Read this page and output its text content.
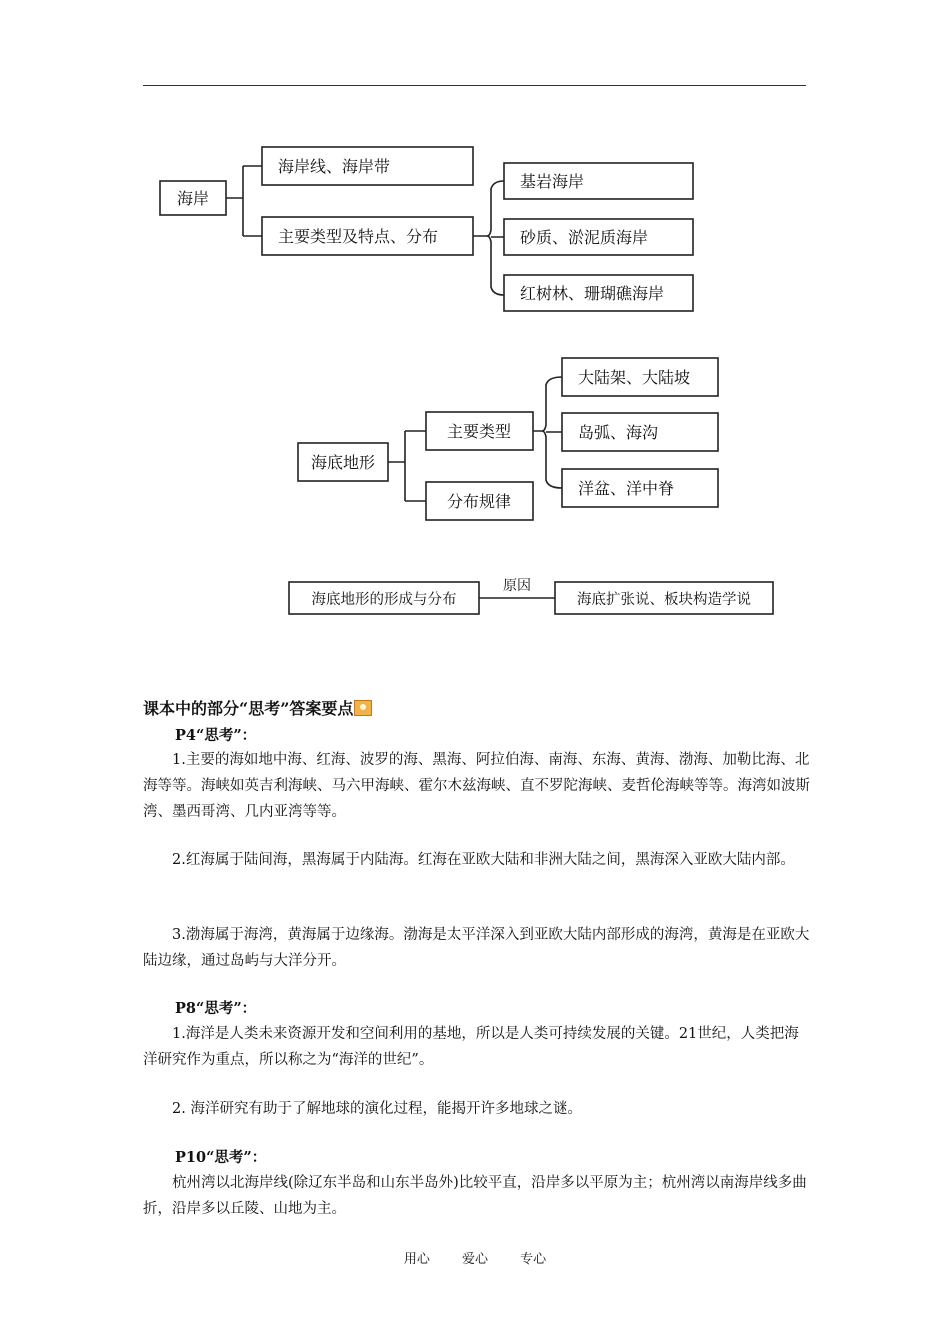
海岸
海岸线、海岸带
主要类型及特点、分布
基岩海岸
砂质、淤泥质海岸
红树林、珊瑚礁海岸
海底地形
主要类型
分布规律
大陆架、大陆坡
岛弧、海沟
洋盆、洋中脊
海底地形的形成与分布
原因
海底扩张说、板块构造学说
课本中的部分“思考”答案要点
P4“思考”：

1.主要的海如地中海、红海、波罗的海、黑海、阿拉伯海、南海、东海、黄海、渤海、加勒比海、北海等等。海峡如英吉利海峡、马六甲海峡、霍尔木兹海峡、直不罗陀海峡、麦哲伦海峡等等。海湾如波斯湾、墨西哥湾、几内亚湾等等。

2.红海属于陆间海，黑海属于内陆海。红海在亚欧大陆和非洲大陆之间，黑海深入亚欧大陆内部。

3.渤海属于海湾，黄海属于边缘海。渤海是太平洋深入到亚欧大陆内部形成的海湾，黄海是在亚欧大陆边缘，通过岛屿与大洋分开。

P8“思考”：

1.海洋是人类未来资源开发和空间利用的基地，所以是人类可持续发展的关键。21世纪，人类把海洋研究作为重点，所以称之为“海洋的世纪”。

2. 海洋研究有助于了解地球的演化过程，能揭开许多地球之谜。

P10“思考”：

杭州湾以北海岸线(除辽东半岛和山东半岛外)比较平直，沿岸多以平原为主；杭州湾以南海岸线多曲折，沿岸多以丘陵、山地为主。

用心 爱心 专心
